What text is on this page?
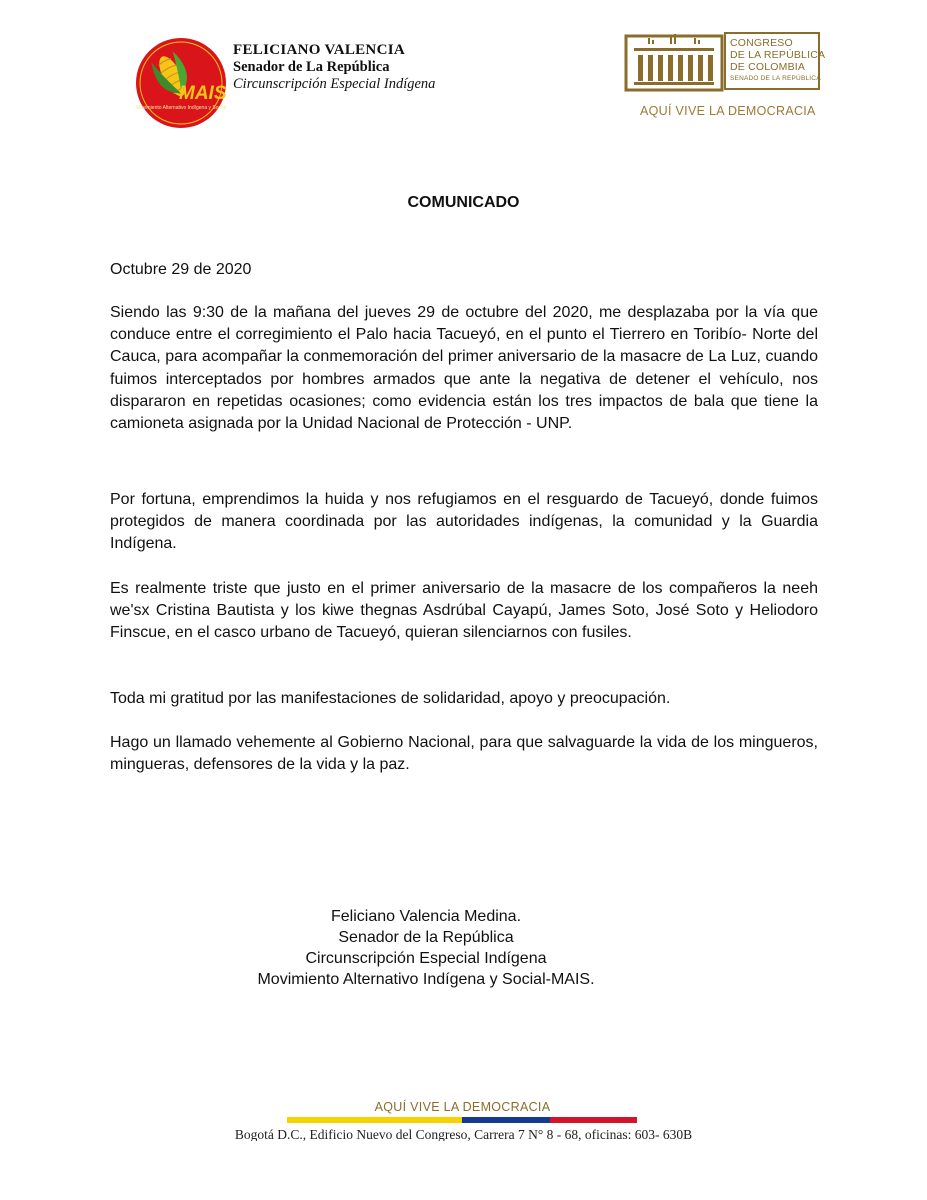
MAIS
Movimiento Alternativo Indígena y Social
FELICIANO VALENCIA
Senador de La República
Circunscripción Especial Indígena
CONGRESO
DE LA REPÚBLICA
DE COLOMBIA
SENADO DE LA REPÚBLICA
AQUÍ VIVE LA DEMOCRACIA
COMUNICADO
Octubre 29 de 2020

Siendo las 9:30 de la mañana del jueves 29 de octubre del 2020, me desplazaba por la vía que conduce entre el corregimiento el Palo hacia Tacueyó, en el punto el Tierrero en Toribío- Norte del Cauca, para acompañar la conmemoración del primer aniversario de la masacre de La Luz, cuando fuimos interceptados por hombres armados que ante la negativa de detener el vehículo, nos dispararon en repetidas ocasiones; como evidencia están los tres impactos de bala que tiene la camioneta asignada por la Unidad Nacional de Protección - UNP.

Por fortuna, emprendimos la huida y nos refugiamos en el resguardo de Tacueyó, donde fuimos protegidos de manera coordinada por las autoridades indígenas, la comunidad y la Guardia Indígena.

Es realmente triste que justo en el primer aniversario de la masacre de los compañeros la neeh we'sx Cristina Bautista y los kiwe thegnas Asdrúbal Cayapú, James Soto, José Soto y Heliodoro Finscue, en el casco urbano de Tacueyó, quieran silenciarnos con fusiles.

Toda mi gratitud por las manifestaciones de solidaridad, apoyo y preocupación.

Hago un llamado vehemente al Gobierno Nacional, para que salvaguarde la vida de los mingueros, mingueras, defensores de la vida y la paz.

Feliciano Valencia Medina.
Senador de la República
Circunscripción Especial Indígena
Movimiento Alternativo Indígena y Social-MAIS.
AQUÍ VIVE LA DEMOCRACIA
Bogotá D.C., Edificio Nuevo del Congreso, Carrera 7 N° 8 - 68, oficinas: 603- 630B
